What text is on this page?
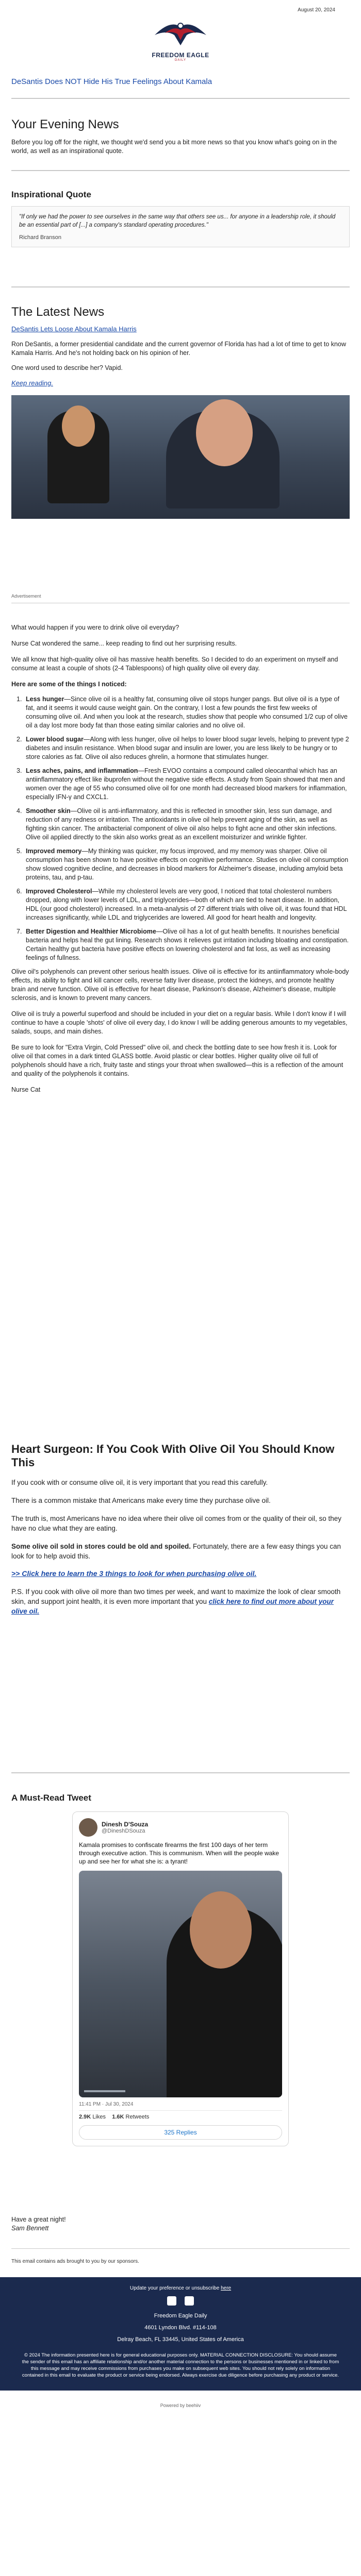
August 20, 2024
FREEDOM EAGLE
DAILY
DeSantis Does NOT Hide His True Feelings About Kamala
Your Evening News

Before you log off for the night, we thought we'd send you a bit more news so that you know what's going on in the world, as well as an inspirational quote.

Inspirational Quote
"If only we had the power to see ourselves in the same way that others see us... for anyone in a leadership role, it should be an essential part of [...] a company's standard operating procedures."
Richard Branson
The Latest News
DeSantis Lets Loose About Kamala Harris

Ron DeSantis, a former presidential candidate and the current governor of Florida has had a lot of time to get to know Kamala Harris. And he's not holding back on his opinion of her.

One word used to describe her? Vapid.

Keep reading.
Advertisement

What would happen if you were to drink olive oil everyday?

Nurse Cat wondered the same... keep reading to find out her surprising results.

We all know that high-quality olive oil has massive health benefits. So I decided to do an experiment on myself and consume at least a couple of shots (2-4 Tablespoons) of high quality olive oil every day.

Here are some of the things I noticed:

1. Less hunger—Since olive oil is a healthy fat, consuming olive oil stops hunger pangs. But olive oil is a type of fat, and it seems it would cause weight gain. On the contrary, I lost a few pounds the first few weeks of consuming olive oil. And when you look at the research, studies show that people who consumed 1/2 cup of olive oil a day lost more body fat than those eating similar calories and no olive oil.
2. Lower blood sugar—Along with less hunger, olive oil helps to lower blood sugar levels, helping to prevent type 2 diabetes and insulin resistance. When blood sugar and insulin are lower, you are less likely to be hungry or to store calories as fat. Olive oil also reduces ghrelin, a hormone that stimulates hunger.
3. Less aches, pains, and inflammation—Fresh EVOO contains a compound called oleocanthal which has an antiinflammatory effect like ibuprofen without the negative side effects. A study from Spain showed that men and women over the age of 55 who consumed olive oil for one month had decreased blood markers for inflammation, especially IFN-γ and CXCL1.
4. Smoother skin—Olive oil is anti-inflammatory, and this is reflected in smoother skin, less sun damage, and reduction of any redness or irritation. The antioxidants in olive oil help prevent aging of the skin, as well as fighting skin cancer. The antibacterial component of olive oil also helps to fight acne and other skin infections. Olive oil applied directly to the skin also works great as an excellent moisturizer and wrinkle fighter.
5. Improved memory—My thinking was quicker, my focus improved, and my memory was sharper. Olive oil consumption has been shown to have positive effects on cognitive performance. Studies on olive oil consumption show slowed cognitive decline, and decreases in blood markers for Alzheimer's disease, including amyloid beta proteins, tau, and p-tau.
6. Improved Cholesterol—While my cholesterol levels are very good, I noticed that total cholesterol numbers dropped, along with lower levels of LDL, and triglycerides—both of which are tied to heart disease. In addition, HDL (our good cholesterol) increased. In a meta-analysis of 27 different trials with olive oil, it was found that HDL increases significantly, while LDL and triglycerides are lowered. All good for heart health and longevity.
7. Better Digestion and Healthier Microbiome—Olive oil has a lot of gut health benefits. It nourishes beneficial bacteria and helps heal the gut lining. Research shows it relieves gut irritation including bloating and constipation. Certain healthy gut bacteria have positive effects on lowering cholesterol and fat loss, as well as increasing feelings of fullness.

Olive oil's polyphenols can prevent other serious health issues. Olive oil is effective for its antiinflammatory whole-body effects, its ability to fight and kill cancer cells, reverse fatty liver disease, protect the kidneys, and promote healthy brain and nerve function. Olive oil is effective for heart disease, Parkinson's disease, Alzheimer's disease, multiple sclerosis, and is known to prevent many cancers.

Olive oil is truly a powerful superfood and should be included in your diet on a regular basis. While I don't know if I will continue to have a couple 'shots' of olive oil every day, I do know I will be adding generous amounts to my vegetables, salads, soups, and main dishes.

Be sure to look for "Extra Virgin, Cold Pressed" olive oil, and check the bottling date to see how fresh it is. Look for olive oil that comes in a dark tinted GLASS bottle. Avoid plastic or clear bottles. Higher quality olive oil full of polyphenols should have a rich, fruity taste and stings your throat when swallowed—this is a reflection of the amount and quality of the polyphenols it contains.

Nurse Cat

Heart Surgeon: If You Cook With Olive Oil You Should Know This

If you cook with or consume olive oil, it is very important that you read this carefully.

There is a common mistake that Americans make every time they purchase olive oil.

The truth is, most Americans have no idea where their olive oil comes from or the quality of their oil, so they have no clue what they are eating.

Some olive oil sold in stores could be old and spoiled. Fortunately, there are a few easy things you can look for to help avoid this.

>> Click here to learn the 3 things to look for when purchasing olive oil.

P.S. If you cook with olive oil more than two times per week, and want to maximize the look of clear smooth skin, and support joint health, it is even more important that you click here to find out more about your olive oil.

A Must-Read Tweet
Dinesh D'Souza
@DineshDSouza
Kamala promises to confiscate firearms the first 100 days of her term through executive action. This is communism. When will the people wake up and see her for what she is: a tyrant!
11:41 PM · Jul 30, 2024
2.9K Likes 1.6K Retweets
325 Replies

Have a great night!

Sam Bennett

This email contains ads brought to you by our sponsors.

Update your preference or unsubscribe here

Freedom Eagle Daily
4601 Lyndon Blvd. #114-108
Delray Beach, FL 33445, United States of America
© 2024 The information presented here is for general educational purposes only. MATERIAL CONNECTION DISCLOSURE: You should assume the sender of this email has an affiliate relationship and/or another material connection to the persons or businesses mentioned in or linked to from this message and may receive commissions from purchases you make on subsequent web sites. You should not rely solely on information contained in this email to evaluate the product or service being endorsed. Always exercise due diligence before purchasing any product or service.
Powered by beehiiv
